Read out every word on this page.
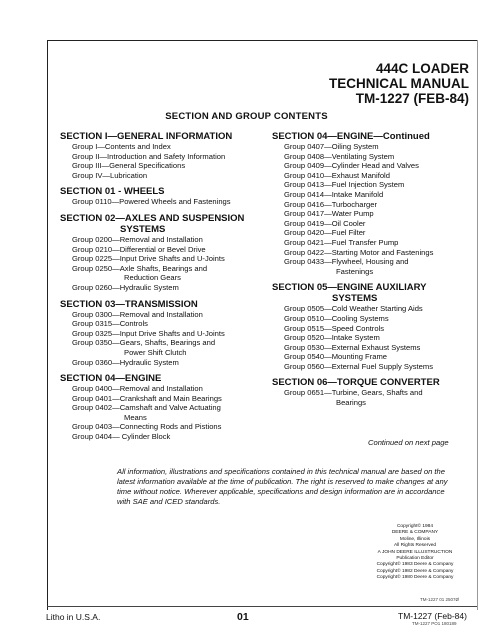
444C LOADER
TECHNICAL MANUAL
TM-1227 (FEB-84)
SECTION AND GROUP CONTENTS
SECTION I—GENERAL INFORMATION
Group I—Contents and Index
Group II—Introduction and Safety Information
Group III—General Specifications
Group IV—Lubrication
SECTION 01 - WHEELS
Group 0110—Powered Wheels and Fastenings
SECTION 02—AXLES AND SUSPENSION
SYSTEMS
Group 0200—Removal and Installation
Group 0210—Differential or Bevel Drive
Group 0225—Input Drive Shafts and U-Joints
Group 0250—Axle Shafts, Bearings and
Reduction Gears
Group 0260—Hydraulic System
SECTION 03—TRANSMISSION
Group 0300—Removal and Installation
Group 0315—Controls
Group 0325—Input Drive Shafts and U-Joints
Group 0350—Gears, Shafts, Bearings and
Power Shift Clutch
Group 0360—Hydraulic System
SECTION 04—ENGINE
Group 0400—Removal and Installation
Group 0401—Crankshaft and Main Bearings
Group 0402—Camshaft and Valve Actuating
Means
Group 0403—Connecting Rods and Pistions
Group 0404— Cylinder Block
SECTION 04—ENGINE—Continued
Group 0407—Oiling System
Group 0408—Ventilating System
Group 0409—Cylinder Head and Valves
Group 0410—Exhaust Manifold
Group 0413—Fuel Injection System
Group 0414—Intake Manifold
Group 0416—Turbocharger
Group 0417—Water Pump
Group 0419—Oil Cooler
Group 0420—Fuel Filter
Group 0421—Fuel Transfer Pump
Group 0422—Starting Motor and Fastenings
Group 0433—Flywheel, Housing and
Fastenings
SECTION 05—ENGINE AUXILIARY
SYSTEMS
Group 0505—Cold Weather Starting Aids
Group 0510—Cooling Systems
Group 0515—Speed Controls
Group 0520—Intake System
Group 0530—External Exhaust Systems
Group 0540—Mounting Frame
Group 0560—External Fuel Supply Systems
SECTION 06—TORQUE CONVERTER
Group 0651—Turbine, Gears, Shafts and
Bearings
Continued on next page
All information, illustrations and specifications contained in this technical manual are based on the latest information available at the time of publication. The right is reserved to make changes at any time without notice. Wherever applicable, specifications and design information are in accordance with SAE and ICED standards.
Copyright© 1984
DEERE & COMPANY
Moline, Illinois
All Rights Reserved
A JOHN DEERE ILLUSTRUCTION
Publication Editor
Copyright© 1983 Deere & Company
Copyright© 1982 Deere & Company
Copyright© 1980 Deere & Company
TM-1227 01 2507Ø
Litho in U.S.A.	01	TM-1227 (Feb-84)
TM-1227 PO1 180189
